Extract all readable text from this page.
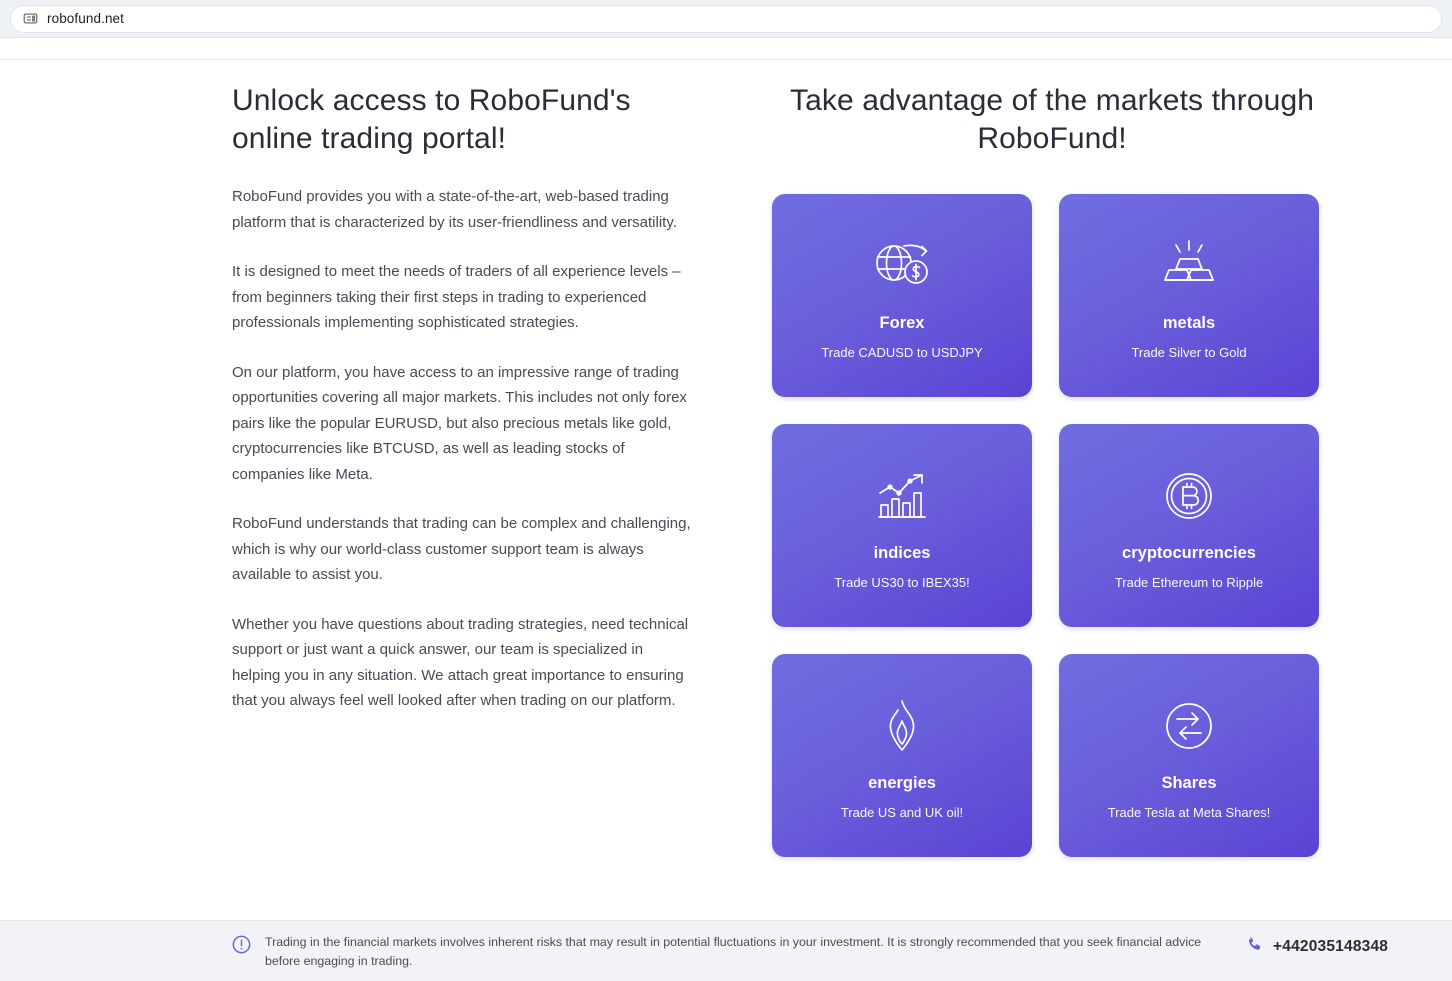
robofund.net
Unlock access to RoboFund's online trading portal!

RoboFund provides you with a state-of-the-art, web-based trading platform that is characterized by its user-friendliness and versatility.

It is designed to meet the needs of traders of all experience levels – from beginners taking their first steps in trading to experienced professionals implementing sophisticated strategies.

On our platform, you have access to an impressive range of trading opportunities covering all major markets. This includes not only forex pairs like the popular EURUSD, but also precious metals like gold, cryptocurrencies like BTCUSD, as well as leading stocks of companies like Meta.

RoboFund understands that trading can be complex and challenging, which is why our world-class customer support team is always available to assist you.

Whether you have questions about trading strategies, need technical support or just want a quick answer, our team is specialized in helping you in any situation. We attach great importance to ensuring that you always feel well looked after when trading on our platform.

Take advantage of the markets through RoboFund!
Forex
Trade CADUSD to USDJPY
metals
Trade Silver to Gold
indices
Trade US30 to IBEX35!
cryptocurrencies
Trade Ethereum to Ripple
energies
Trade US and UK oil!
Shares
Trade Tesla at Meta Shares!
Trading in the financial markets involves inherent risks that may result in potential fluctuations in your investment. It is strongly recommended that you seek financial advice before engaging in trading.
+442035148348
